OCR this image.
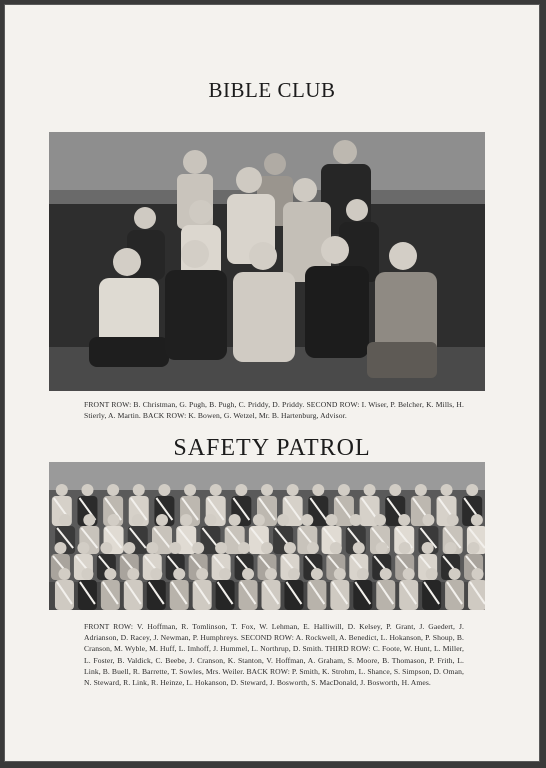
BIBLE CLUB

FRONT ROW: B. Christman, G. Pugh, B. Pugh, C. Priddy, D. Priddy. SECOND ROW: I. Wiser, P. Belcher, K. Mills, H. Stierly, A. Martin. BACK ROW: K. Bowen, G. Wetzel, Mr. B. Hartenburg, Advisor.

SAFETY PATROL

FRONT ROW: V. Hoffman, R. Tomlinson, T. Fox, W. Lehman, E. Halliwill, D. Kelsey, P. Grant, J. Gaedert, J. Adrianson, D. Racey, J. Newman, P. Humphreys. SECOND ROW: A. Rockwell, A. Benedict, L. Hokanson, P. Shoup, B. Cranson, M. Wyble, M. Huff, L. Imhoff, J. Hummel, L. Northrup, D. Smith. THIRD ROW: C. Foote, W. Hunt, L. Miller, L. Foster, B. Valdick, C. Beebe, J. Cranson, K. Stanton, V. Hoffman, A. Graham, S. Moore, B. Thomason, P. Frith, L. Link, B. Buell, R. Barrette, T. Sowles, Mrs. Weiler. BACK ROW: P. Smith, K. Strohm, L. Shance, S. Simpson, D. Oman, N. Steward, R. Link, R. Heinze, L. Hokanson, D. Steward, J. Bosworth, S. MacDonald, J. Bosworth, H. Ames.
